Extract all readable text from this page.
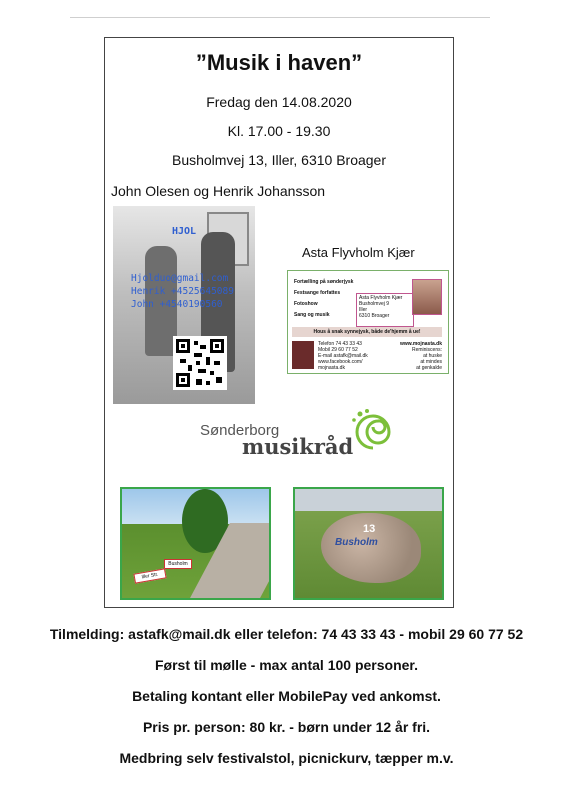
”Musik i haven”
Fredag den 14.08.2020
Kl. 17.00 - 19.30
Busholmvej 13, Iller, 6310 Broager
John Olesen og Henrik Johansson
HJOL
Hjolduo@gmail.com
Henrik +4525645089
John +4540190560
Asta Flyvholm Kjær
Fortælling på sønderjysk
Festsange forfattes
Fotoshow
Sang og musik
Asta Flyvholm Kjær
Busholmvej 9
Iller
6310 Broager
Hous å snak synnejysk, både de'hjemm å ue!
Telefon 74 43 33 43
Mobil 29 60 77 52
E-mail astafk@mail.dk
www.facebook.com/
mojnasta.dk
www.mojnasta.dk
Reminiscens:
at huske
at mindes
at genkalde
Sønderborg
musikråd
Busholm
Iller Str.
13
Busholm
Tilmelding: astafk@mail.dk eller telefon: 74 43 33 43 - mobil 29 60 77 52
Først til mølle - max antal 100 personer.
Betaling kontant eller MobilePay ved ankomst.
Pris pr. person: 80 kr. - børn under 12 år fri.
Medbring selv festivalstol, picnickurv, tæpper m.v.
